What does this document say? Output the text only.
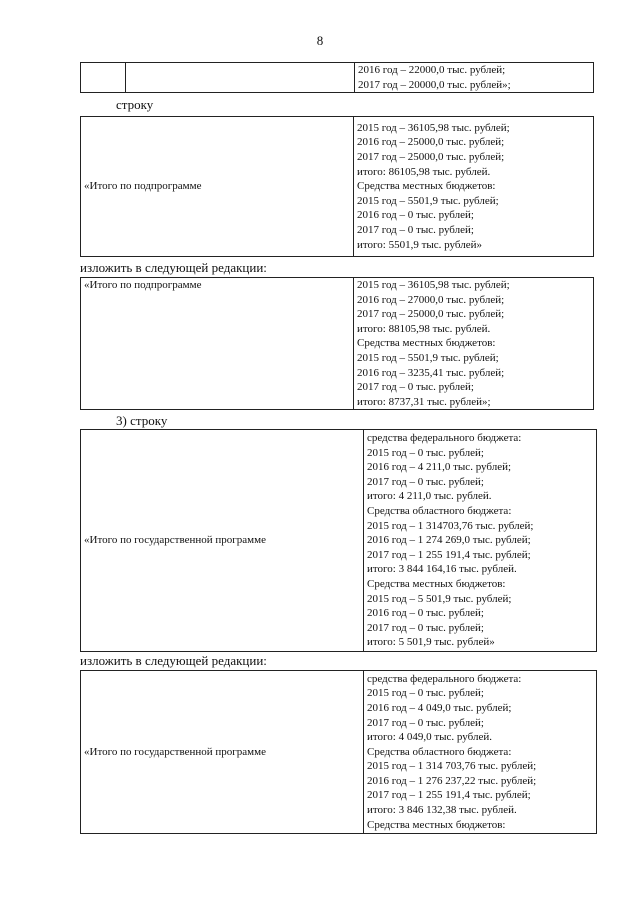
8

2016 год – 22000,0 тыс. рублей;
2017 год – 20000,0 тыс. рублей»;
строку
«Итого по подпрограмме	
2015 год – 36105,98 тыс. рублей;
2016 год – 25000,0 тыс. рублей;
2017 год – 25000,0 тыс. рублей;
итого: 86105,98 тыс. рублей.
Средства местных бюджетов:
2015 год – 5501,9 тыс. рублей;
2016 год – 0 тыс. рублей;
2017 год – 0 тыс. рублей;
итого: 5501,9 тыс. рублей»
изложить в следующей редакции:
«Итого по подпрограмме	2015 год – 36105,98 тыс. рублей;
2016 год – 27000,0 тыс. рублей;
2017 год – 25000,0 тыс. рублей;
итого: 88105,98 тыс. рублей.
Средства местных бюджетов:
2015 год – 5501,9 тыс. рублей;
2016 год – 3235,41 тыс. рублей;
2017 год – 0 тыс. рублей;
итого: 8737,31 тыс. рублей»;
3) строку
«Итого по государственной программе	
средства федерального бюджета:
2015 год – 0 тыс. рублей;
2016 год – 4 211,0 тыс. рублей;
2017 год – 0 тыс. рублей;
итого: 4 211,0 тыс. рублей.
Средства областного бюджета:
2015 год – 1 314703,76 тыс. рублей;
2016 год – 1 274 269,0 тыс. рублей;
2017 год – 1 255 191,4 тыс. рублей;
итого: 3 844 164,16 тыс. рублей.
Средства местных бюджетов:
2015 год – 5 501,9 тыс. рублей;
2016 год – 0 тыс. рублей;
2017 год – 0 тыс. рублей;
итого: 5 501,9 тыс. рублей»
изложить в следующей редакции:
«Итого по государственной программе	
средства федерального бюджета:
2015 год – 0 тыс. рублей;
2016 год – 4 049,0 тыс. рублей;
2017 год – 0 тыс. рублей;
итого: 4 049,0 тыс. рублей.
Средства областного бюджета:
2015 год – 1 314 703,76 тыс. рублей;
2016 год – 1 276 237,22 тыс. рублей;
2017 год – 1 255 191,4 тыс. рублей;
итого: 3 846 132,38 тыс. рублей.
Средства местных бюджетов:
